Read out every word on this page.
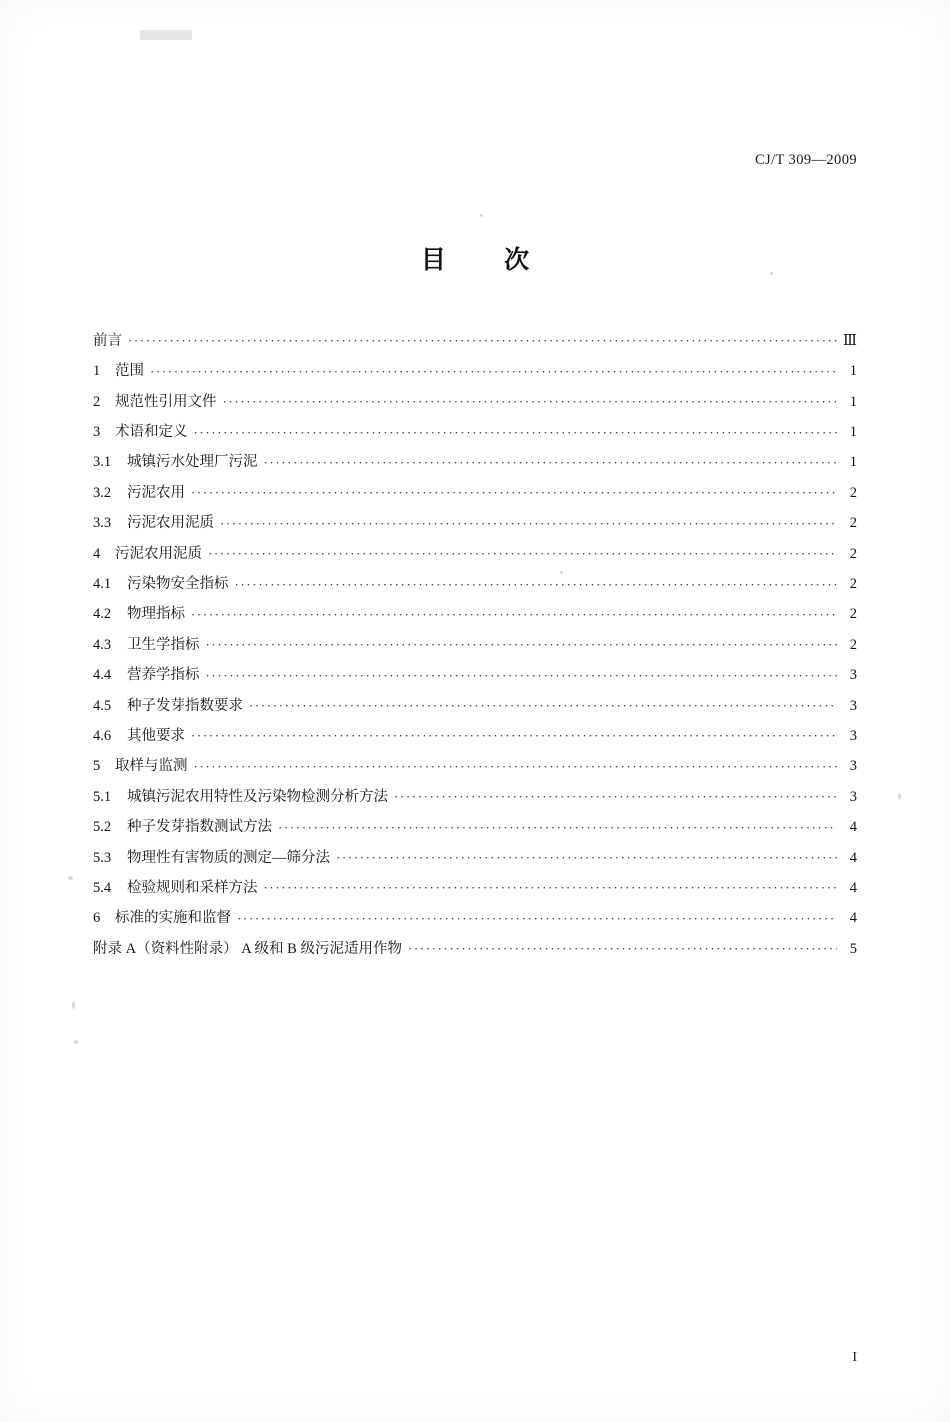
CJ/T 309—2009
目 次
前言 ·····	Ⅲ
1	范围 ·····	1
2	规范性引用文件 ·····	1
3	术语和定义 ·····	1
3.1	城镇污水处理厂污泥 ·····	1
3.2	污泥农用 ·····	2
3.3	污泥农用泥质 ·····	2
4	污泥农用泥质 ·····	2
4.1	污染物安全指标 ·····	2
4.2	物理指标 ·····	2
4.3	卫生学指标 ·····	2
4.4	营养学指标 ·····	3
4.5	种子发芽指数要求 ·····	3
4.6	其他要求 ·····	3
5	取样与监测 ·····	3
5.1	城镇污泥农用特性及污染物检测分析方法 ·····	3
5.2	种子发芽指数测试方法 ·····	4
5.3	物理性有害物质的测定—筛分法 ·····	4
5.4	检验规则和采样方法 ·····	4
6	标准的实施和监督 ·····	4
附录 A（资料性附录） A 级和 B 级污泥适用作物 ·····	5
I
